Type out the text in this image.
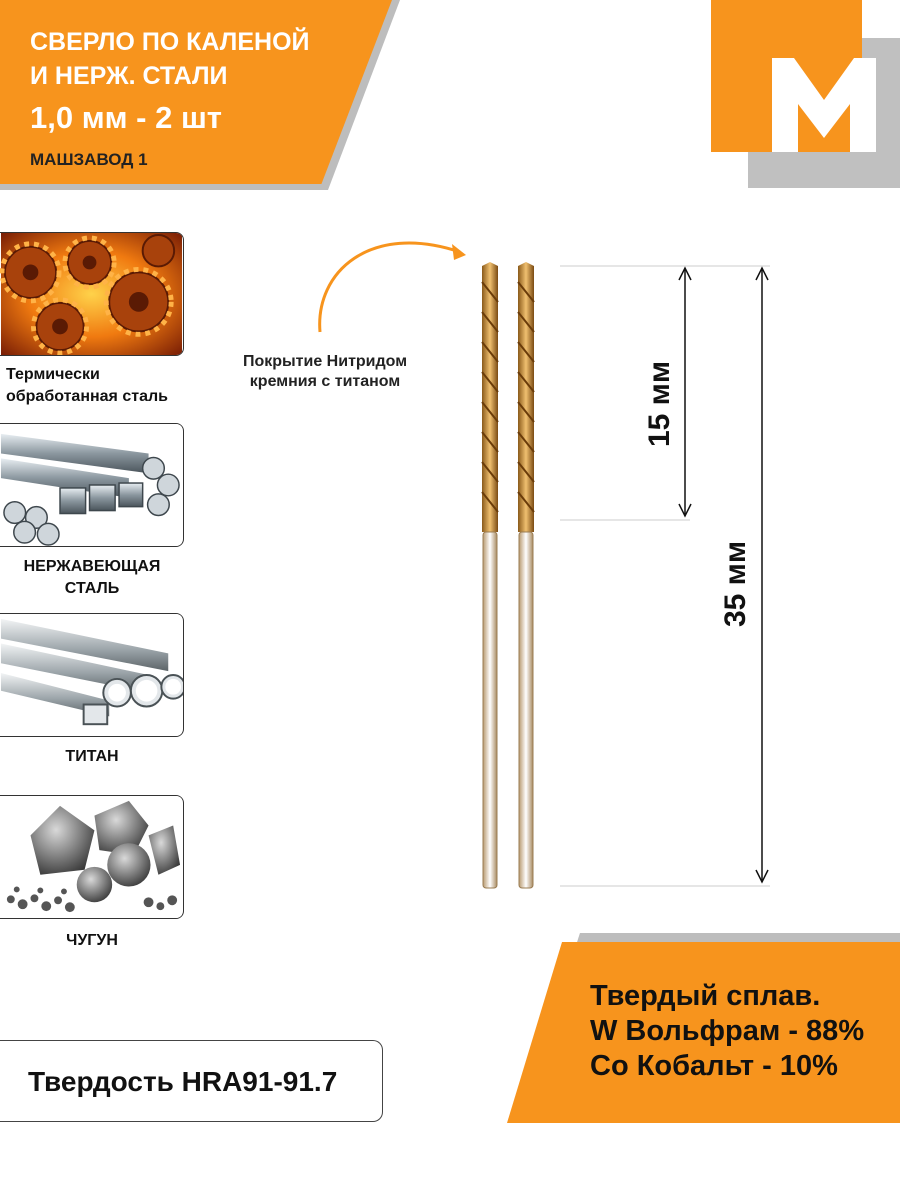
СВЕРЛО ПО КАЛЕНОЙ
И НЕРЖ. СТАЛИ
1,0 мм - 2 шт
МАШЗАВОД 1
Термически
обработанная сталь
НЕРЖАВЕЮЩАЯ
СТАЛЬ
ТИТАН
ЧУГУН
Покрытие Нитридом
кремния с титаном	15 мм
35 мм
Твердость HRA91-91.7
Твердый сплав.
W Вольфрам - 88%
Co Кобальт - 10%
